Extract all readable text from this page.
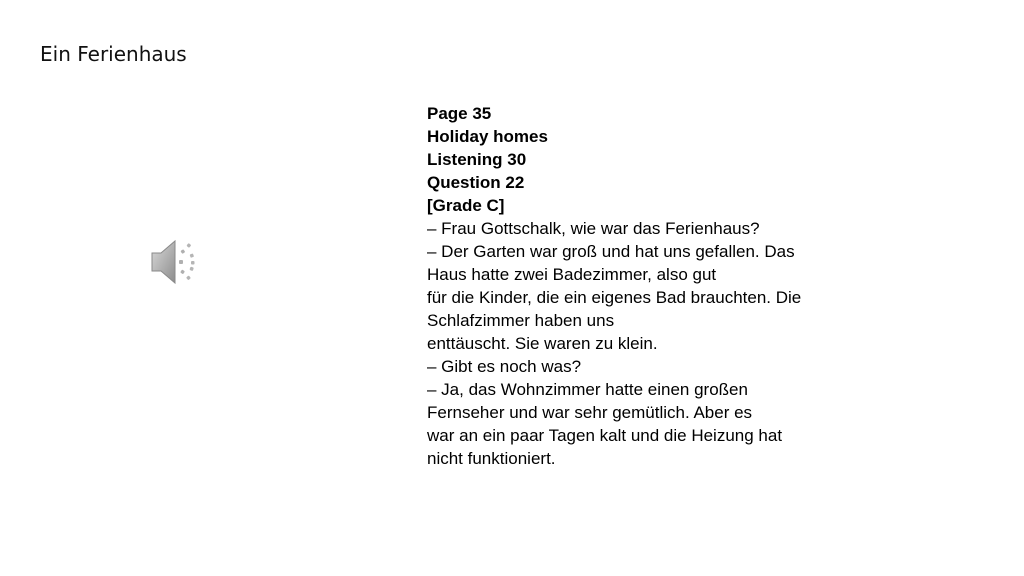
Ein Ferienhaus
Page 35
Holiday homes
Listening 30
Question 22
[Grade C]
– Frau Gottschalk, wie war das Ferienhaus?
– Der Garten war groß und hat uns gefallen. Das
Haus hatte zwei Badezimmer, also gut
für die Kinder, die ein eigenes Bad brauchten. Die
Schlafzimmer haben uns
enttäuscht. Sie waren zu klein.
– Gibt es noch was?
– Ja, das Wohnzimmer hatte einen großen
Fernseher und war sehr gemütlich. Aber es
war an ein paar Tagen kalt und die Heizung hat
nicht funktioniert.
